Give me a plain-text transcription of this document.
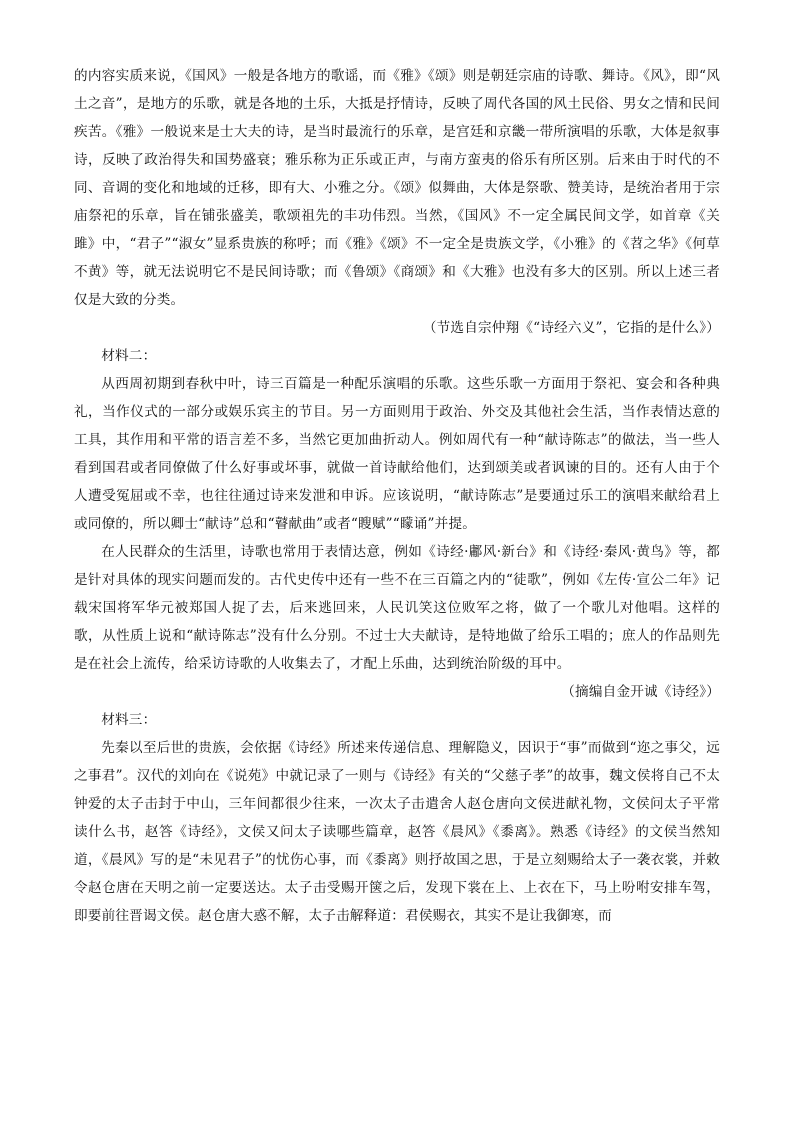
的内容实质来说，《国风》一般是各地方的歌谣，而《雅》《颂》则是朝廷宗庙的诗歌、舞诗。《风》，即“风土之音”，是地方的乐歌，就是各地的土乐，大抵是抒情诗，反映了周代各国的风土民俗、男女之情和民间疾苦。《雅》一般说来是士大夫的诗，是当时最流行的乐章，是宫廷和京畿一带所演唱的乐歌，大体是叙事诗，反映了政治得失和国势盛衰；雅乐称为正乐或正声，与南方蛮夷的俗乐有所区别。后来由于时代的不同、音调的变化和地域的迁移，即有大、小雅之分。《颂》似舞曲，大体是祭歌、赞美诗，是统治者用于宗庙祭祀的乐章，旨在铺张盛美，歌颂祖先的丰功伟烈。当然，《国风》不一定全属民间文学，如首章《关雎》中，“君子”“淑女”显系贵族的称呼；而《雅》《颂》不一定全是贵族文学，《小雅》的《苕之华》《何草不黄》等，就无法说明它不是民间诗歌；而《鲁颂》《商颂》和《大雅》也没有多大的区别。所以上述三者仅是大致的分类。

（节选自宗仲翔《“诗经六义”，它指的是什么》）

材料二：

从西周初期到春秋中叶，诗三百篇是一种配乐演唱的乐歌。这些乐歌一方面用于祭祀、宴会和各种典礼，当作仪式的一部分或娱乐宾主的节目。另一方面则用于政治、外交及其他社会生活，当作表情达意的工具，其作用和平常的语言差不多，当然它更加曲折动人。例如周代有一种“献诗陈志”的做法，当一些人看到国君或者同僚做了什么好事或坏事，就做一首诗献给他们，达到颂美或者讽谏的目的。还有人由于个人遭受冤屈或不幸，也往往通过诗来发泄和申诉。应该说明，“献诗陈志”是要通过乐工的演唱来献给君上或同僚的，所以卿士“献诗”总和“瞽献曲”或者“瞍赋”“矇诵”并提。

在人民群众的生活里，诗歌也常用于表情达意，例如《诗经·鄘风·新台》和《诗经·秦风·黄鸟》等，都是针对具体的现实问题而发的。古代史传中还有一些不在三百篇之内的“徒歌”，例如《左传·宣公二年》记载宋国将军华元被郑国人捉了去，后来逃回来，人民讥笑这位败军之将，做了一个歌儿对他唱。这样的歌，从性质上说和“献诗陈志”没有什么分别。不过士大夫献诗，是特地做了给乐工唱的；庶人的作品则先是在社会上流传，给采访诗歌的人收集去了，才配上乐曲，达到统治阶级的耳中。

（摘编自金开诚《诗经》）

材料三：

先秦以至后世的贵族，会依据《诗经》所述来传递信息、理解隐义，因识于“事”而做到“迩之事父，远之事君”。汉代的刘向在《说苑》中就记录了一则与《诗经》有关的“父慈子孝”的故事，魏文侯将自己不太钟爱的太子击封于中山，三年间都很少往来，一次太子击遣舍人赵仓唐向文侯进献礼物，文侯问太子平常读什么书，赵答《诗经》，文侯又问太子读哪些篇章，赵答《晨风》《黍离》。熟悉《诗经》的文侯当然知道，《晨风》写的是“未见君子”的忧伤心事，而《黍离》则抒故国之思，于是立刻赐给太子一袭衣裳，并敕令赵仓唐在天明之前一定要送达。太子击受赐开箧之后，发现下裳在上、上衣在下，马上吩咐安排车驾，即要前往晋谒文侯。赵仓唐大惑不解，太子击解释道：君侯赐衣，其实不是让我御寒，而
